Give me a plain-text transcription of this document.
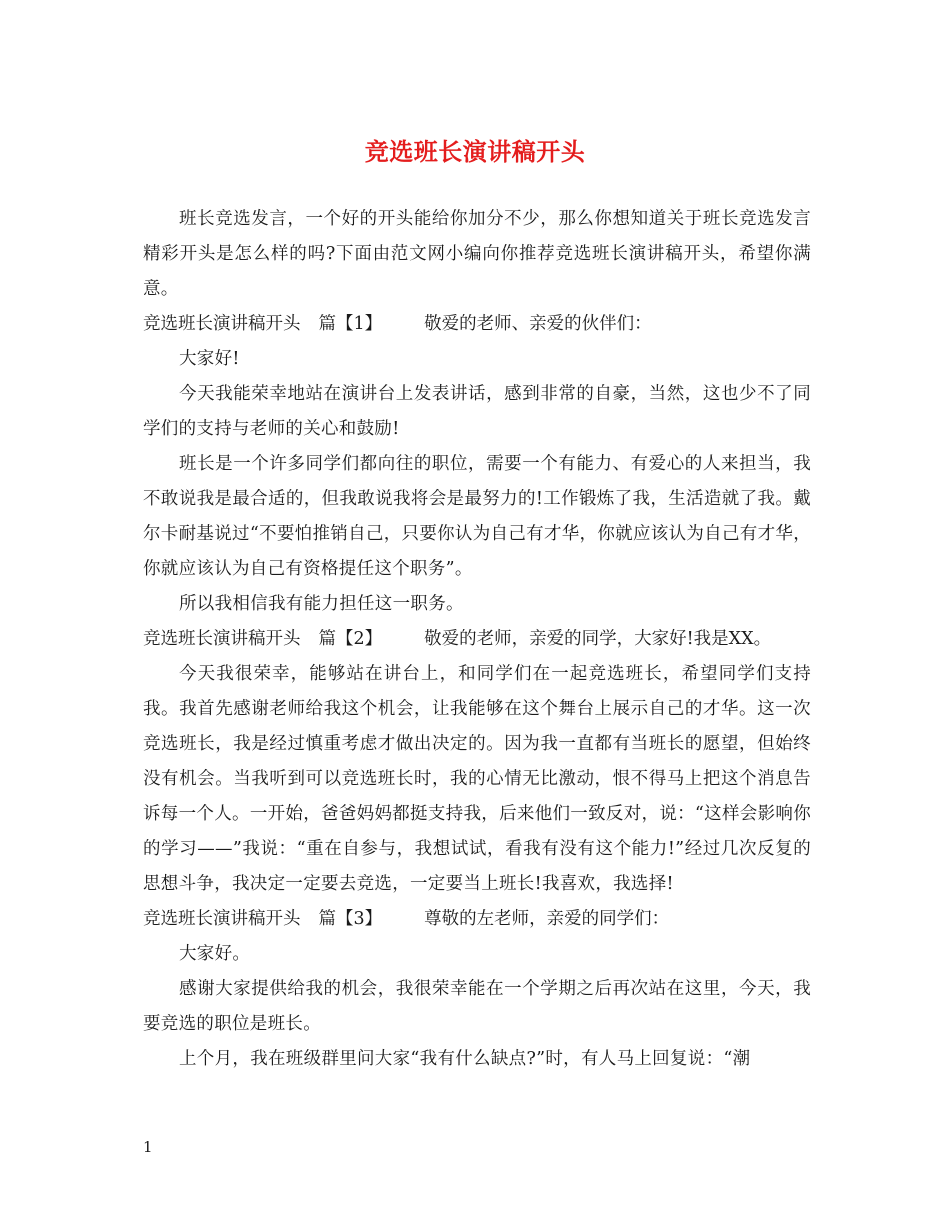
竞选班长演讲稿开头

班长竞选发言，一个好的开头能给你加分不少，那么你想知道关于班长竞选发言精彩开头是怎么样的吗?下面由范文网小编向你推荐竞选班长演讲稿开头，希望你满意。

竞选班长演讲稿开头 篇【1】 敬爱的老师、亲爱的伙伴们：

大家好!

今天我能荣幸地站在演讲台上发表讲话，感到非常的自豪，当然，这也少不了同学们的支持与老师的关心和鼓励!

班长是一个许多同学们都向往的职位，需要一个有能力、有爱心的人来担当，我不敢说我是最合适的，但我敢说我将会是最努力的!工作锻炼了我，生活造就了我。戴尔卡耐基说过“不要怕推销自己，只要你认为自己有才华，你就应该认为自己有才华，你就应该认为自己有资格提任这个职务”。

所以我相信我有能力担任这一职务。

竞选班长演讲稿开头 篇【2】 敬爱的老师，亲爱的同学，大家好!我是XX。

今天我很荣幸，能够站在讲台上，和同学们在一起竞选班长，希望同学们支持我。我首先感谢老师给我这个机会，让我能够在这个舞台上展示自己的才华。这一次竞选班长，我是经过慎重考虑才做出决定的。因为我一直都有当班长的愿望，但始终没有机会。当我听到可以竞选班长时，我的心情无比激动，恨不得马上把这个消息告诉每一个人。一开始，爸爸妈妈都挺支持我，后来他们一致反对，说：“这样会影响你的学习——”我说：“重在自参与，我想试试，看我有没有这个能力!”经过几次反复的思想斗争，我决定一定要去竞选，一定要当上班长!我喜欢，我选择!

竞选班长演讲稿开头 篇【3】 尊敬的左老师，亲爱的同学们：

大家好。

感谢大家提供给我的机会，我很荣幸能在一个学期之后再次站在这里，今天，我要竞选的职位是班长。

上个月，我在班级群里问大家“我有什么缺点?”时，有人马上回复说：“潮

1
